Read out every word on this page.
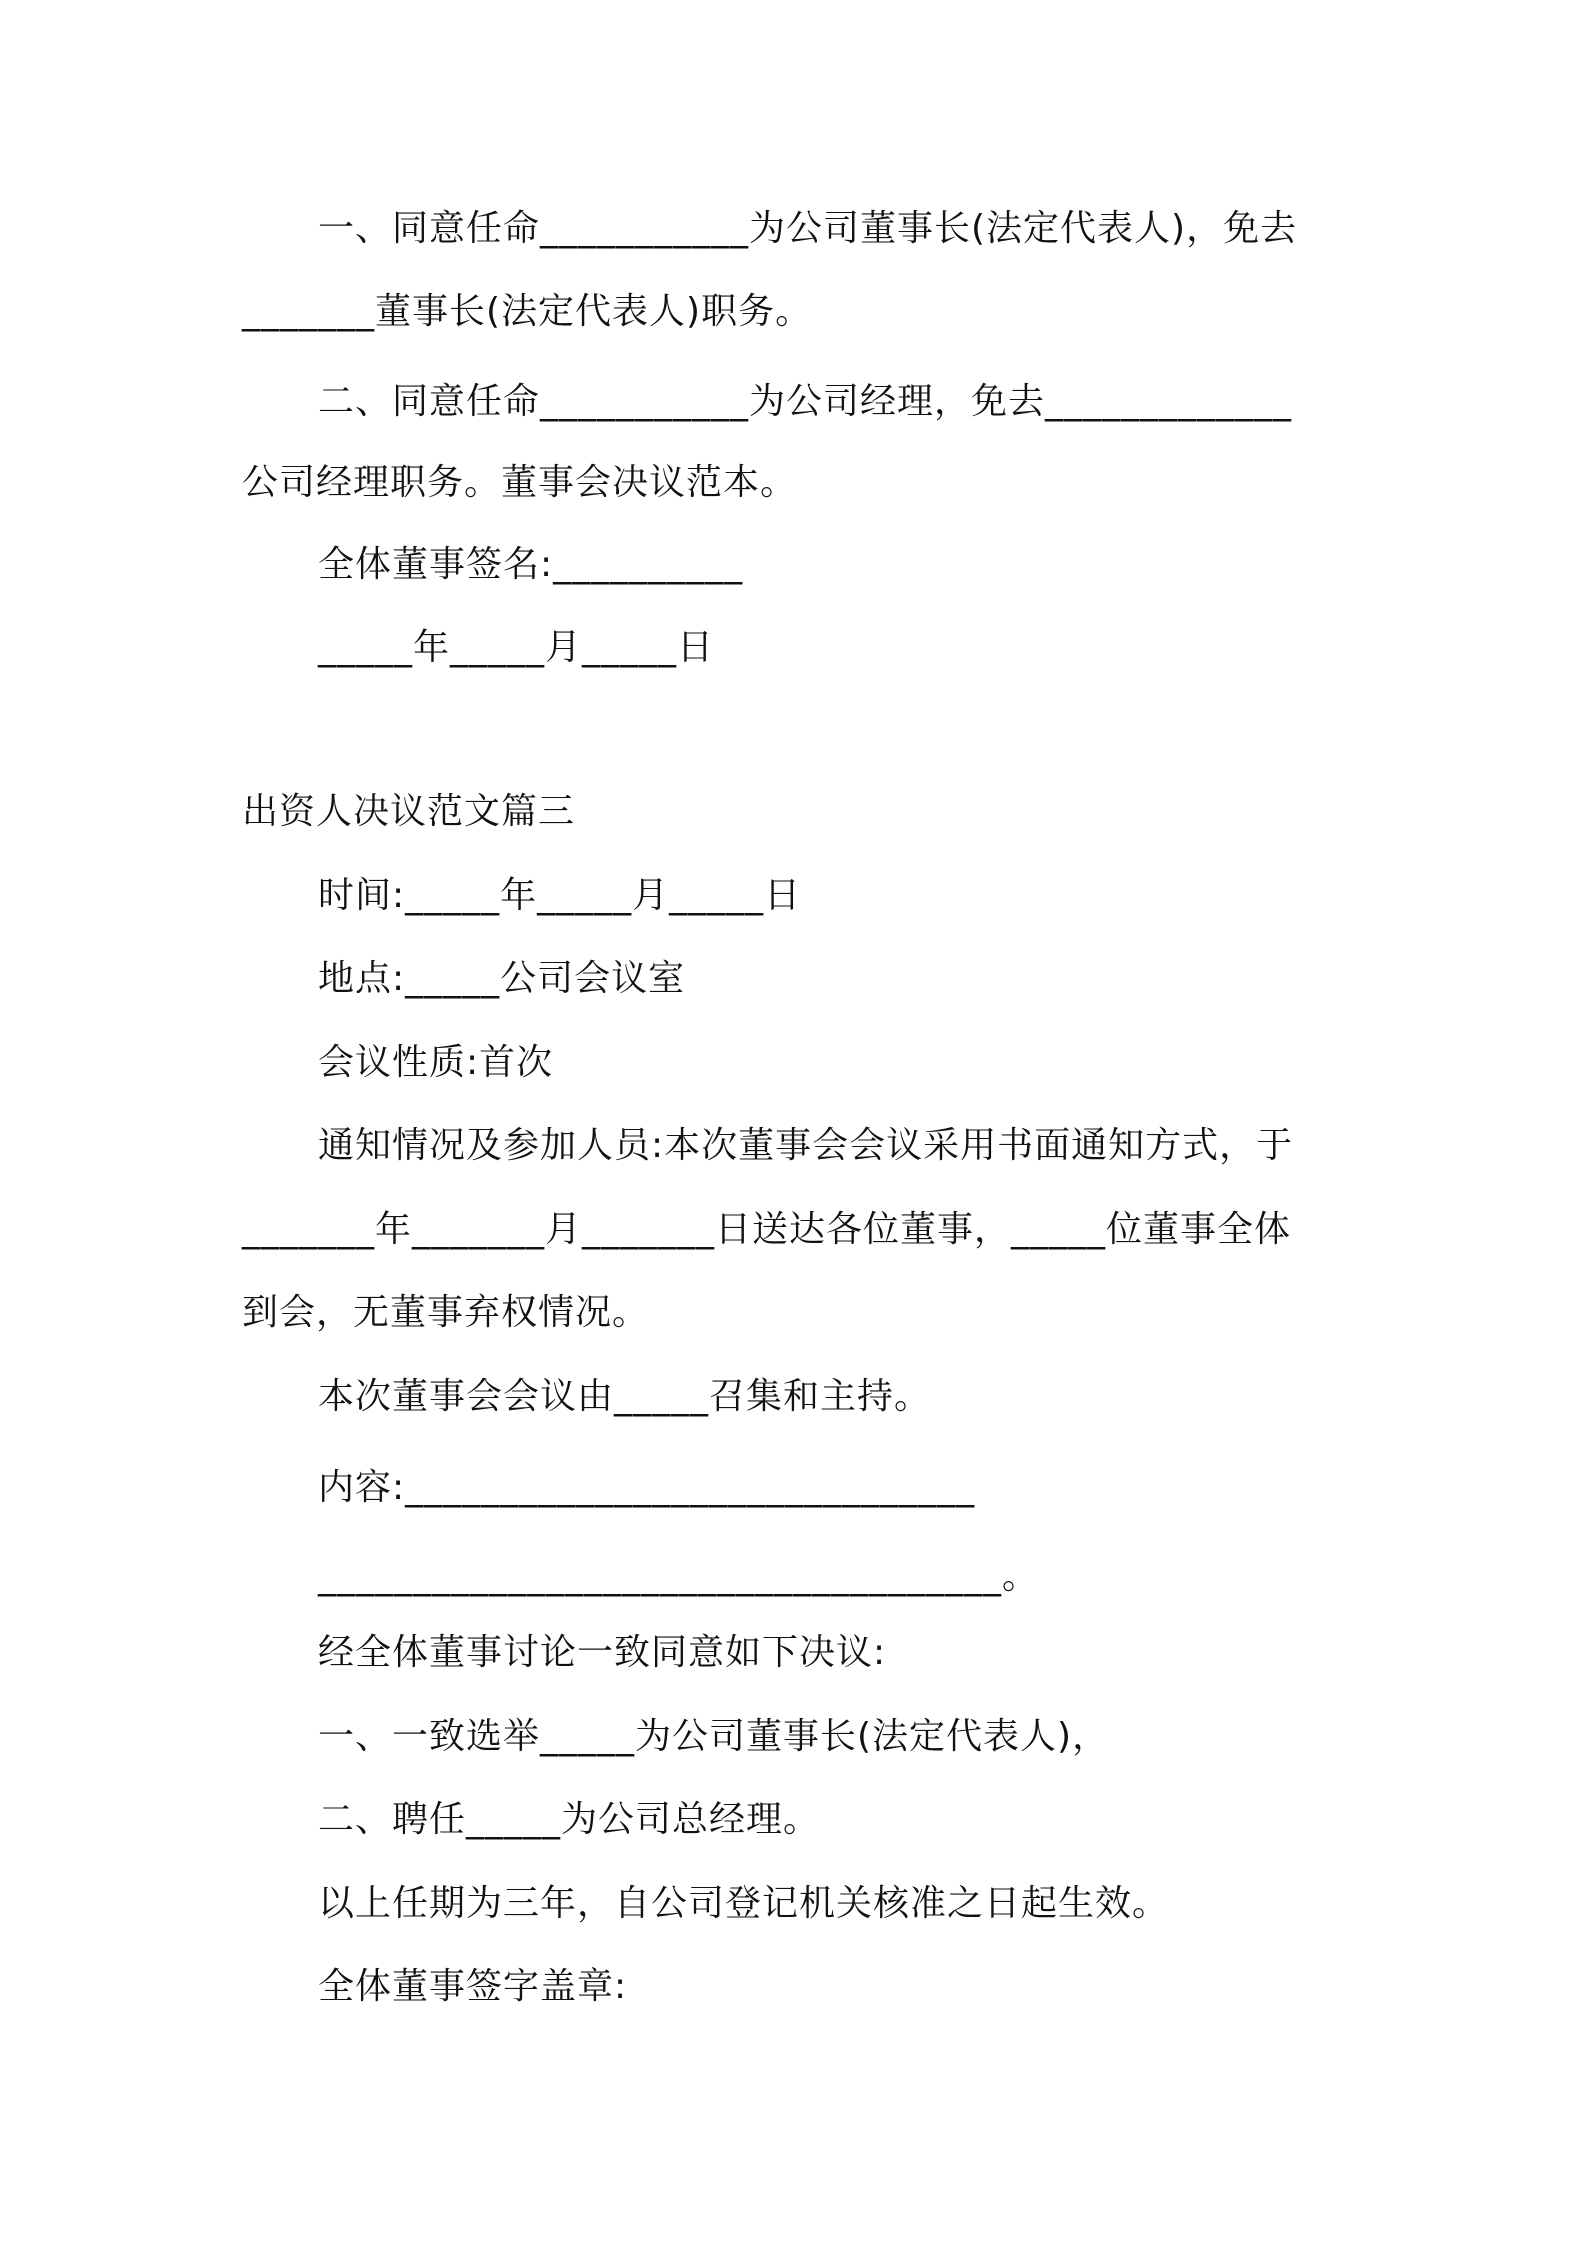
一、同意任命___________为公司董事长(法定代表人)，免去
_______董事长(法定代表人)职务。
二、同意任命___________为公司经理，免去_____________
公司经理职务。董事会决议范本。
全体董事签名:__________
_____年_____月_____日
出资人决议范文篇三
时间:_____年_____月_____日
地点:_____公司会议室
会议性质:首次
通知情况及参加人员:本次董事会会议采用书面通知方式，于
_______年_______月_______日送达各位董事，_____位董事全体
到会，无董事弃权情况。
本次董事会会议由_____召集和主持。
内容:______________________________
____________________________________。
经全体董事讨论一致同意如下决议:
一、一致选举_____为公司董事长(法定代表人)，
二、聘任_____为公司总经理。
以上任期为三年，自公司登记机关核准之日起生效。
全体董事签字盖章:
